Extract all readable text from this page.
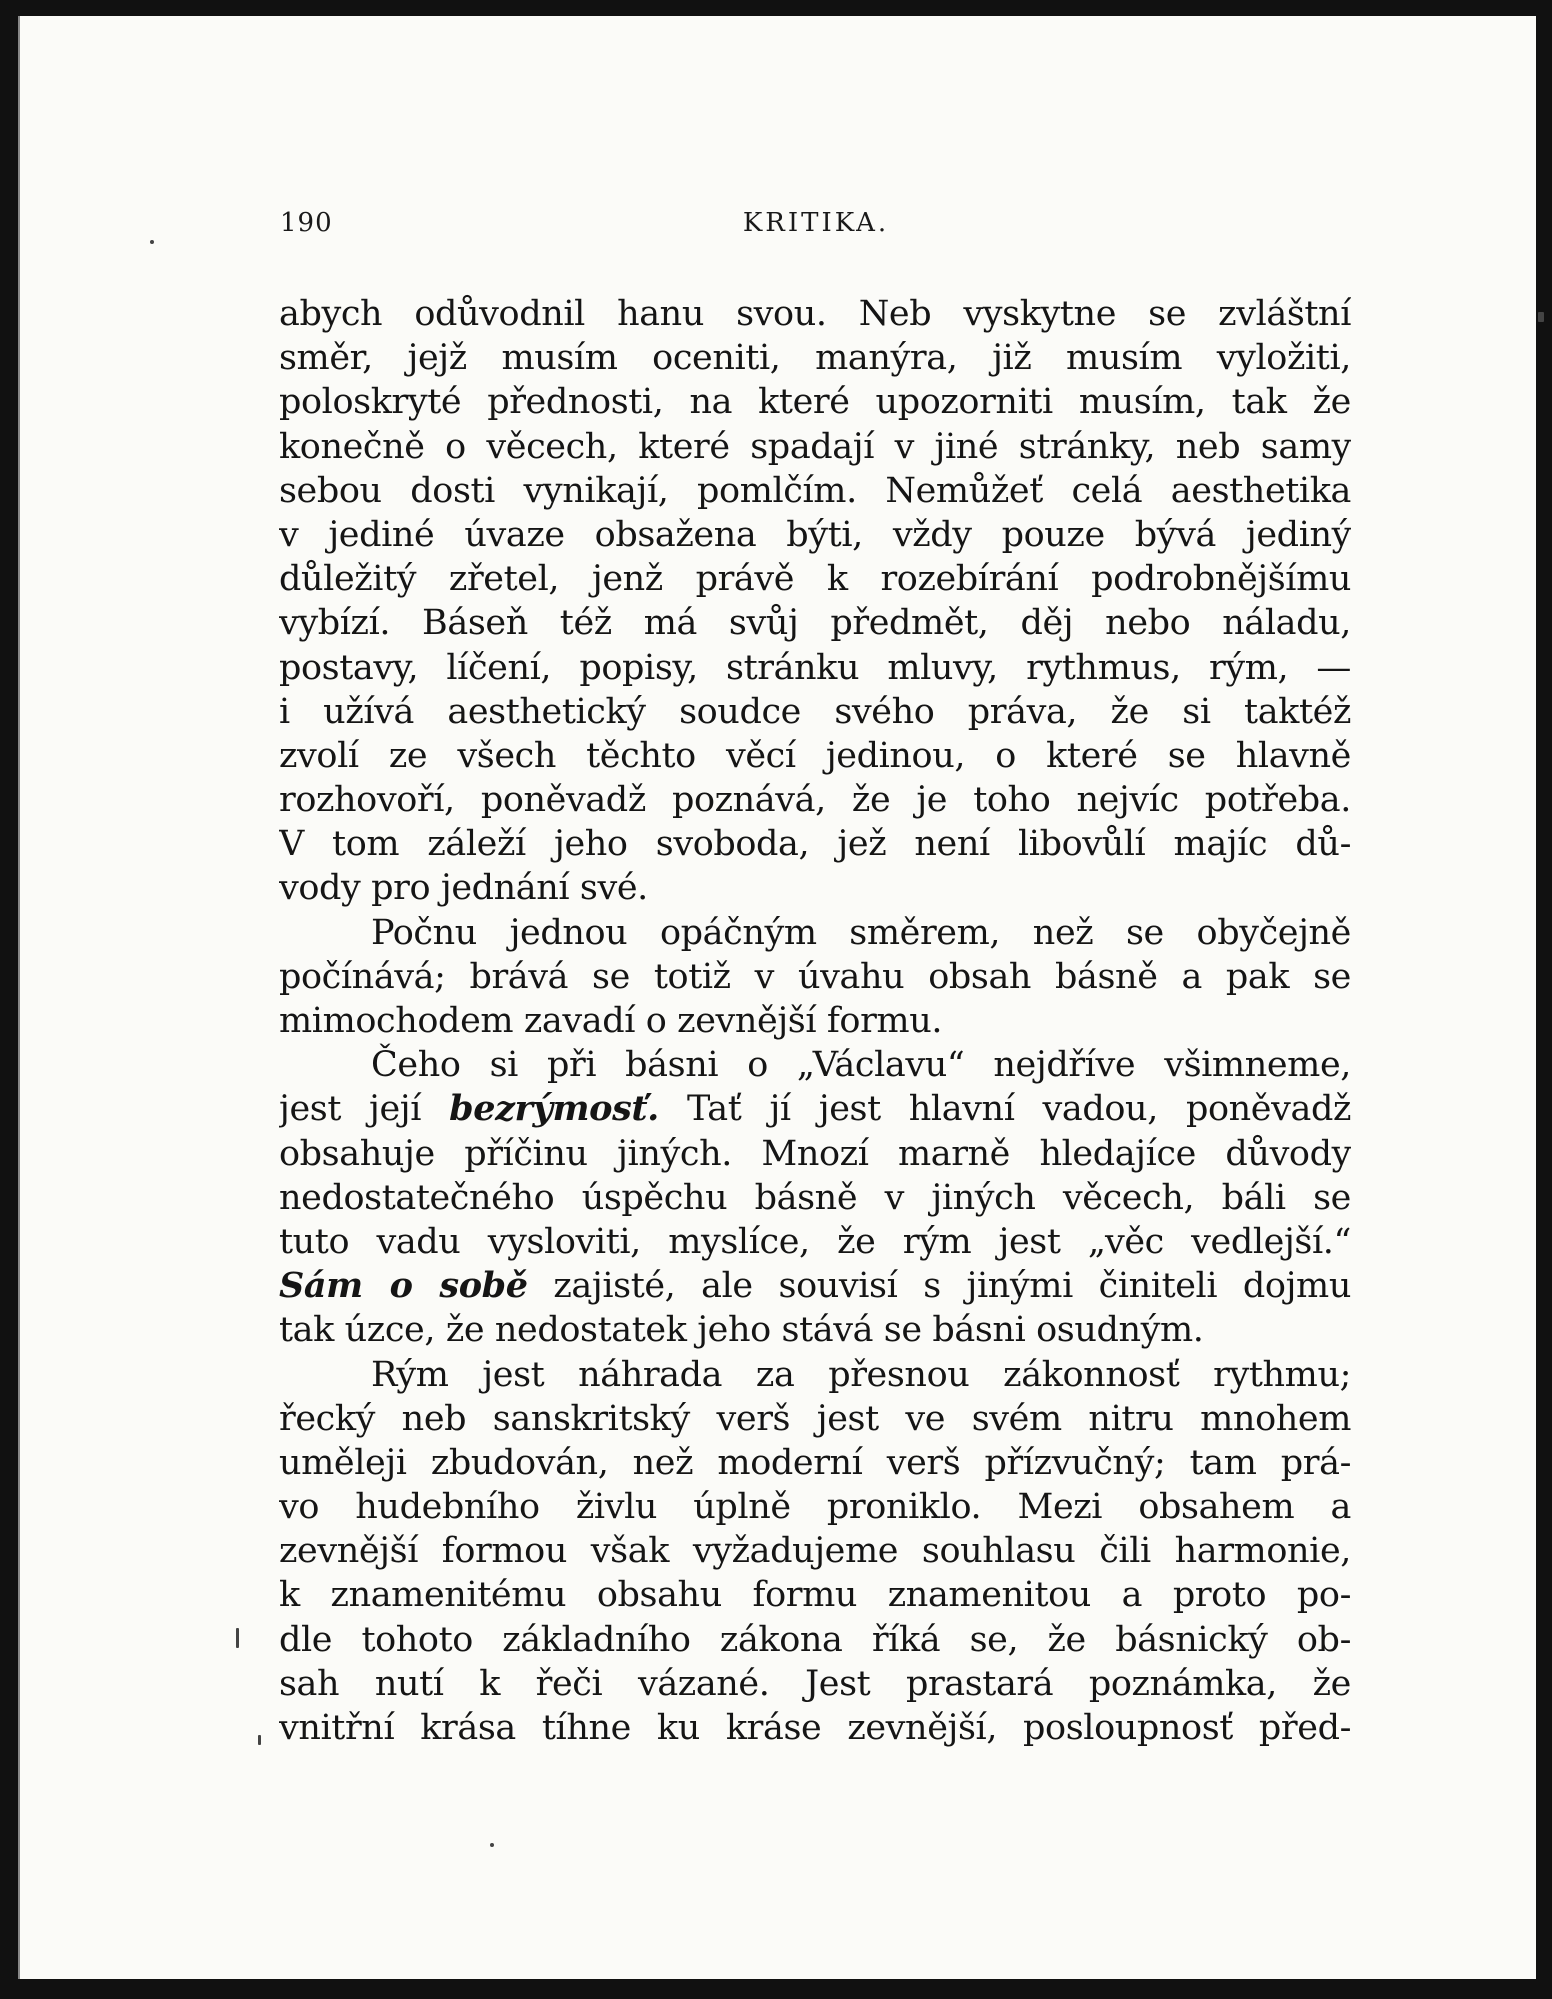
190	KRITIKA.
abych odůvodnil hanu svou. Neb vyskytne se zvláštní
směr, jejž musím oceniti, manýra, již musím vyložiti,
poloskryté přednosti, na které upozorniti musím, tak že
konečně o věcech, které spadají v jiné stránky, neb samy
sebou dosti vynikají, pomlčím. Nemůžeť celá aesthetika
v jediné úvaze obsažena býti, vždy pouze bývá jediný
důležitý zřetel, jenž právě k rozebírání podrobnějšímu
vybízí. Báseň též má svůj předmět, děj nebo náladu,
postavy, líčení, popisy, stránku mluvy, rythmus, rým, —
i užívá aesthetický soudce svého práva, že si taktéž
zvolí ze všech těchto věcí jedinou, o které se hlavně
rozhovoří, poněvadž poznává, že je toho nejvíc potřeba.
V tom záleží jeho svoboda, jež není libovůlí majíc dů-
vody pro jednání své.
Počnu jednou opáčným směrem, než se obyčejně
počínává; brává se totiž v úvahu obsah básně a pak se
mimochodem zavadí o zevnější formu.
Čeho si při básni o „Václavu“ nejdříve všimneme,
jest její bezrýmosť. Tať jí jest hlavní vadou, poněvadž
obsahuje příčinu jiných. Mnozí marně hledajíce důvody
nedostatečného úspěchu básně v jiných věcech, báli se
tuto vadu vysloviti, myslíce, že rým jest „věc vedlejší.“
Sám o sobě zajisté, ale souvisí s jinými činiteli dojmu
tak úzce, že nedostatek jeho stává se básni osudným.
Rým jest náhrada za přesnou zákonnosť rythmu;
řecký neb sanskritský verš jest ve svém nitru mnohem
uměleji zbudován, než moderní verš přízvučný; tam prá-
vo hudebního živlu úplně proniklo. Mezi obsahem a
zevnější formou však vyžadujeme souhlasu čili harmonie,
k znamenitému obsahu formu znamenitou a proto po-
dle tohoto základního zákona říká se, že básnický ob-
sah nutí k řeči vázané. Jest prastará poznámka, že
vnitřní krása tíhne ku kráse zevnější, posloupnosť před-
